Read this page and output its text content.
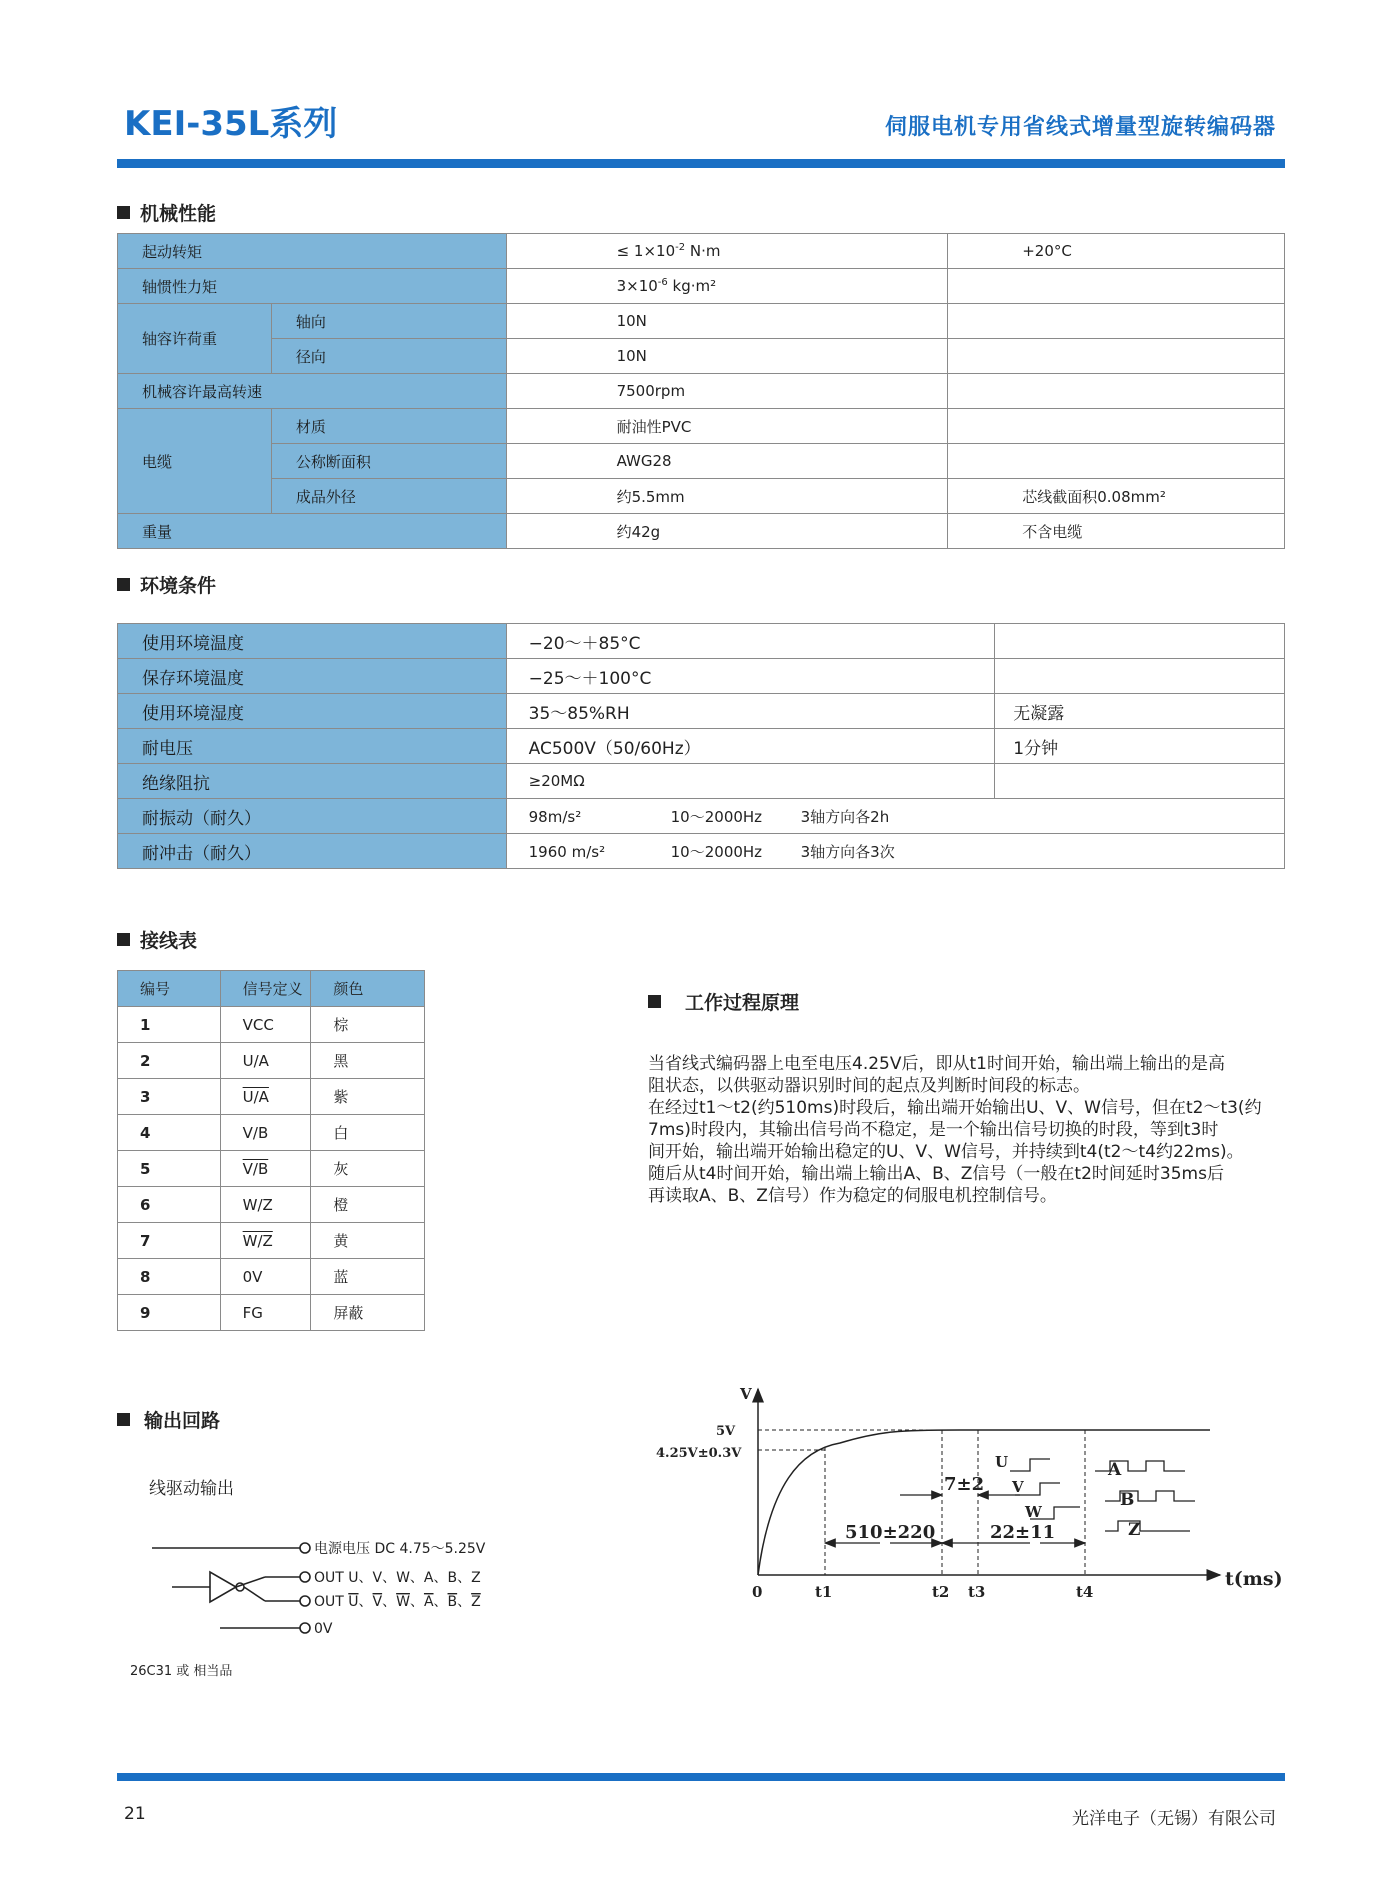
KEI-35L系列	伺服电机专用省线式增量型旋转编码器
机械性能
起动转矩		≤ $1\times 10^{-2}$ N·m	+20°C
轴惯性力矩		$3\times 10^{-6}$ kg·m²	
轴容许荷重	轴向	10N	
	径向	10N	
机械容许最高转速		7500rpm	
电缆	材质	耐油性PVC	
	公称断面积	AWG28	
	成品外径	约5.5mm	芯线截面积0.08mm²
重量		约42g	不含电缆
环境条件
使用环境温度	−20～＋85°C	
保存环境温度	−25～＋100°C	
使用环境湿度	35～85%RH	无凝露
耐电压	AC500V（50/60Hz）	1分钟
绝缘阻抗	≥20MΩ	
耐振动（耐久）	98m/s² 10～2000Hz 3轴方向各2h	
耐冲击（耐久）	1960 m/s² 10～2000Hz 3轴方向各3次	
接线表
编号	信号定义	颜色
1	VCC	棕
2	U/A	黑
3	U/A	紫
4	V/B	白
5	V/B	灰
6	W/Z	橙
7	W/Z	黄
8	0V	蓝
9	FG	屏蔽
工作过程原理
当省线式编码器上电至电压4.25V后，即从t1时间开始，输出端上输出的是高
阻状态，以供驱动器识别时间的起点及判断时间段的标志。
在经过t1～t2(约510ms)时段后，输出端开始输出U、V、W信号，但在t2～t3(约
7ms)时段内，其输出信号尚不稳定，是一个输出信号切换的时段，等到t3时
间开始，输出端开始输出稳定的U、V、W信号，并持续到t4(t2～t4约22ms)。
随后从t4时间开始，输出端上输出A、B、Z信号（一般在t2时间延时35ms后
再读取A、B、Z信号）作为稳定的伺服电机控制信号。
输出回路
线驱动输出
电源电压 DC 4.75～5.25V
OUT U、V、W、A、B、Z
OUT U、V、W、A、B、Z
0V
26C31 或 相当品
V
t(ms)
5V
4.25V±0.3V
0	t1	t2 t3	t4
7±2
510±220	22±11
U
V
W
A
B
Z
21	光洋电子（无锡）有限公司
